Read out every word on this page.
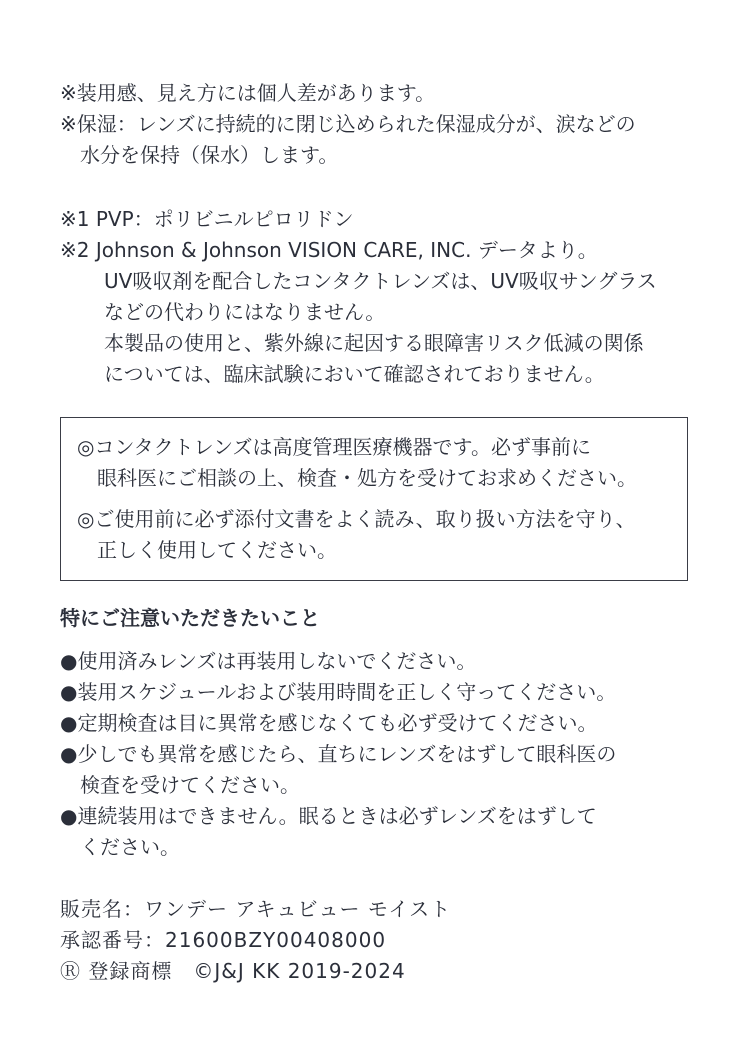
※装用感、見え方には個人差があります。
※保湿：レンズに持続的に閉じ込められた保湿成分が、涙などの
水分を保持（保水）します。
※1 PVP：ポリビニルピロリドン
※2 Johnson & Johnson VISION CARE, INC. データより。
UV吸収剤を配合したコンタクトレンズは、UV吸収サングラス
などの代わりにはなりません。
本製品の使用と、紫外線に起因する眼障害リスク低減の関係
については、臨床試験において確認されておりません。
◎コンタクトレンズは高度管理医療機器です。必ず事前に
眼科医にご相談の上、検査・処方を受けてお求めください。
◎ご使用前に必ず添付文書をよく読み、取り扱い方法を守り、
正しく使用してください。
特にご注意いただきたいこと
●使用済みレンズは再装用しないでください。
●装用スケジュールおよび装用時間を正しく守ってください。
●定期検査は目に異常を感じなくても必ず受けてください。
●少しでも異常を感じたら、直ちにレンズをはずして眼科医の
検査を受けてください。
●連続装用はできません。眠るときは必ずレンズをはずして
ください。
販売名：ワンデー アキュビュー モイスト
承認番号：21600BZY00408000
Ⓡ 登録商標　©J&J KK 2019-2024
